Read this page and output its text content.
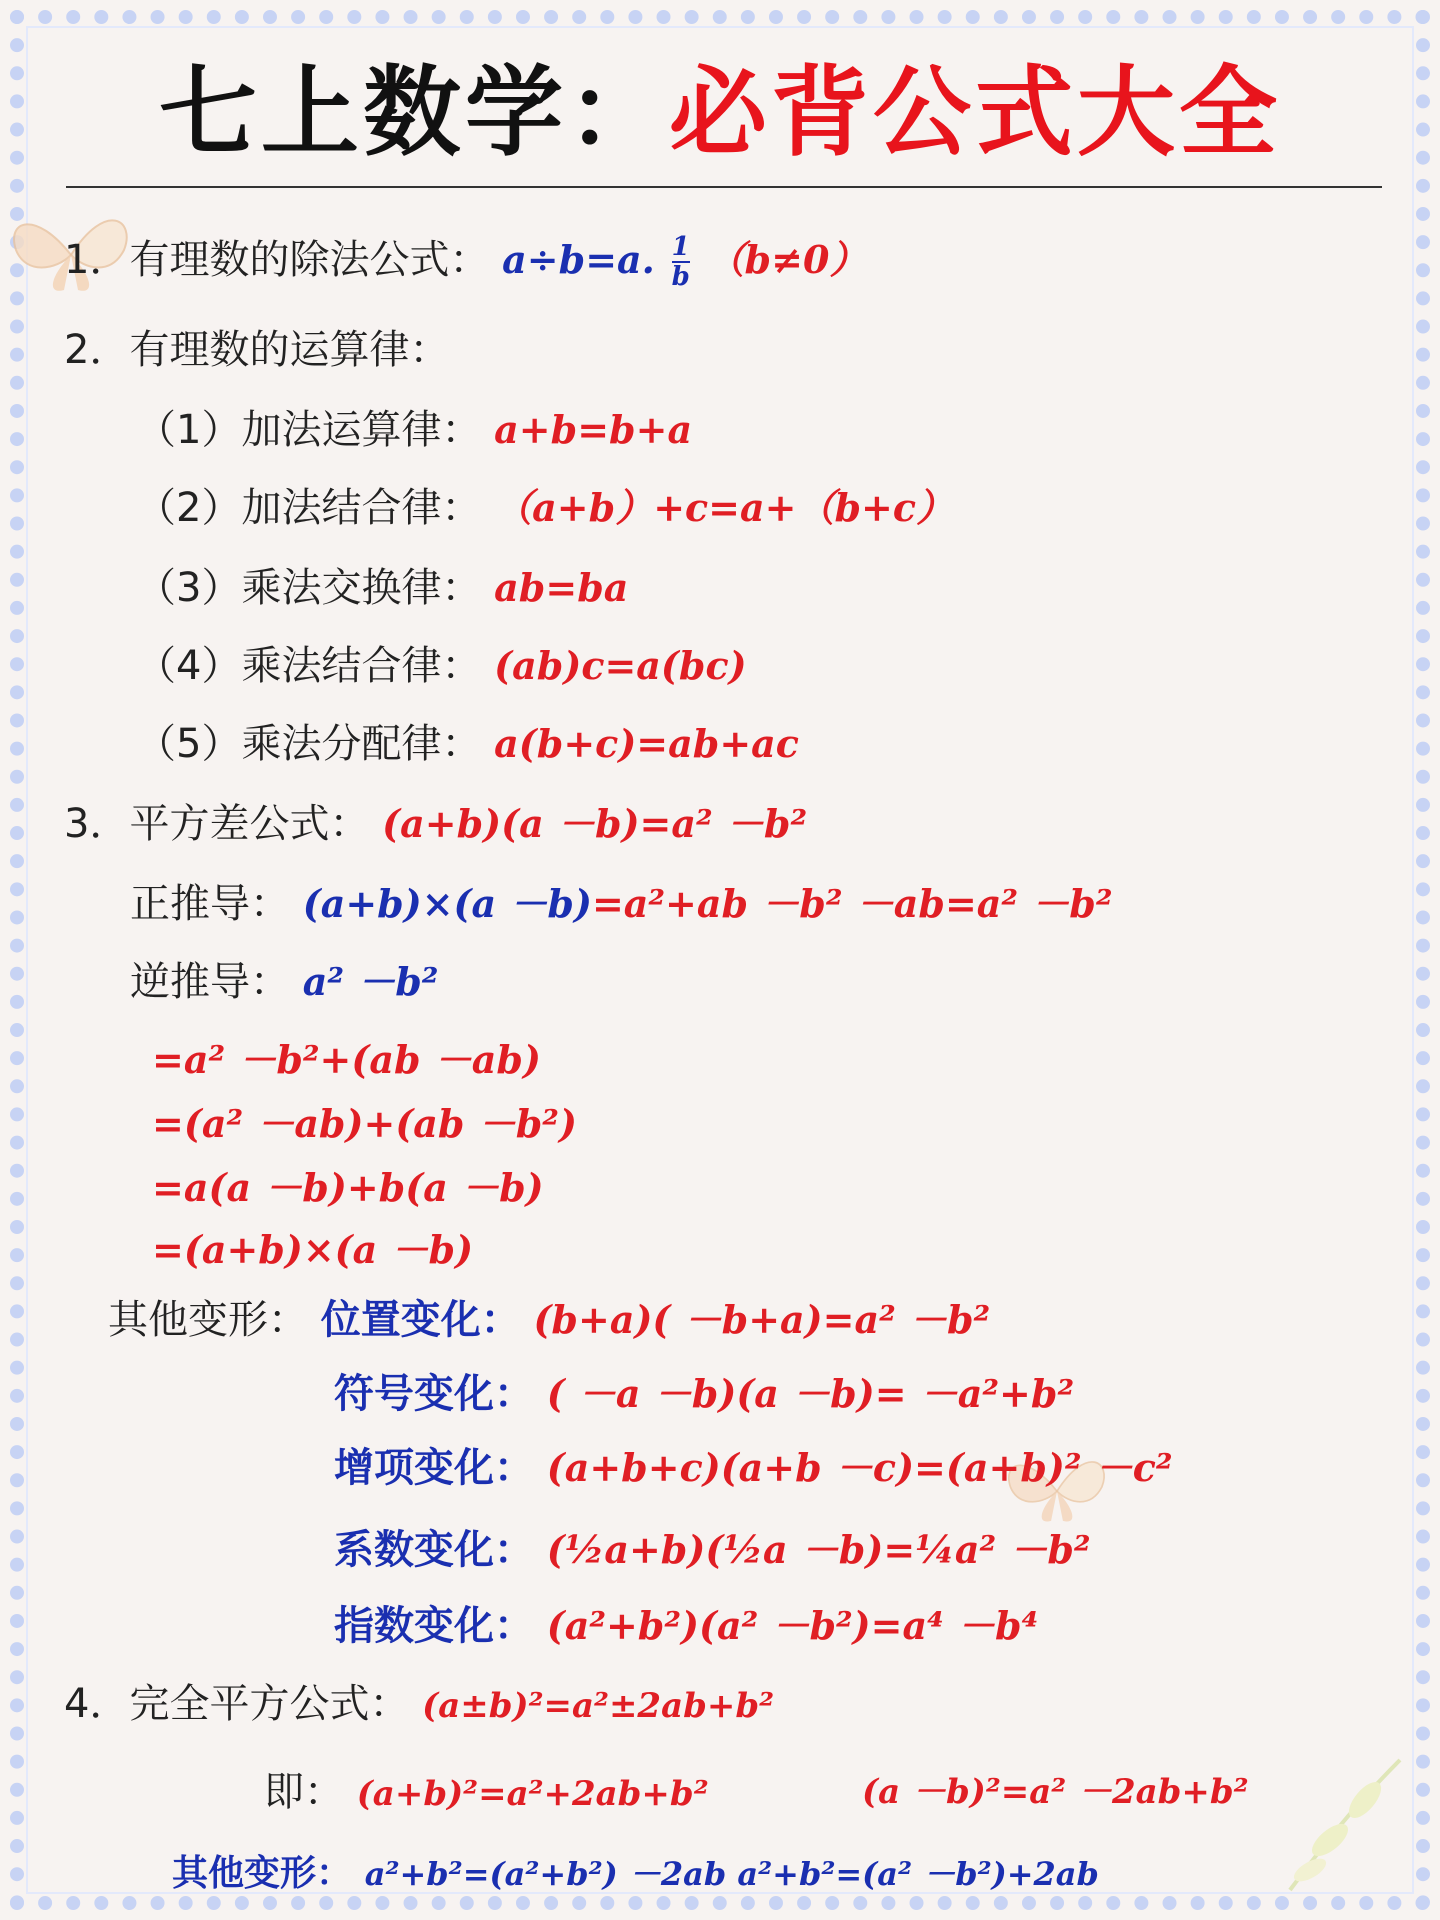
七上数学：必背公式大全
1．有理数的除法公式： a÷b=a. $\frac{1}{b} (b\ne 0)$
2．有理数的运算律：
（1）加法运算律： a+b=b+a
（2）加法结合律： （a+b）+c=a+（b+c）
（3）乘法交换律： ab=ba
（4）乘法结合律： (ab)c=a(bc)
（5）乘法分配律： a(b+c)=ab+ac
3．平方差公式： (a+b)(a －b)=a² －b²
正推导： (a+b)×(a －b)=a²+ab －b² －ab=a² －b²
逆推导： a² －b²
=a² －b²+(ab －ab)
=(a² －ab)+(ab －b²)
=a(a －b)+b(a －b)
=(a+b)×(a －b)
其他变形： 位置变化： (b+a)( －b+a)=a² －b²
符号变化： ( －a －b)(a －b)= －a²+b²
增项变化： (a+b+c)(a+b －c)=(a+b)² －c²
系数变化： (½a+b)(½a －b)=¼a² －b²
指数变化： (a²+b²)(a² －b²)=a⁴ －b⁴
4．完全平方公式： (a±b)²=a²±2ab+b²
即： (a+b)²=a²+2ab+b²	(a －b)²=a² －2ab+b²
其他变形： a²+b²=(a²+b²) －2ab a²+b²=(a² －b²)+2ab
